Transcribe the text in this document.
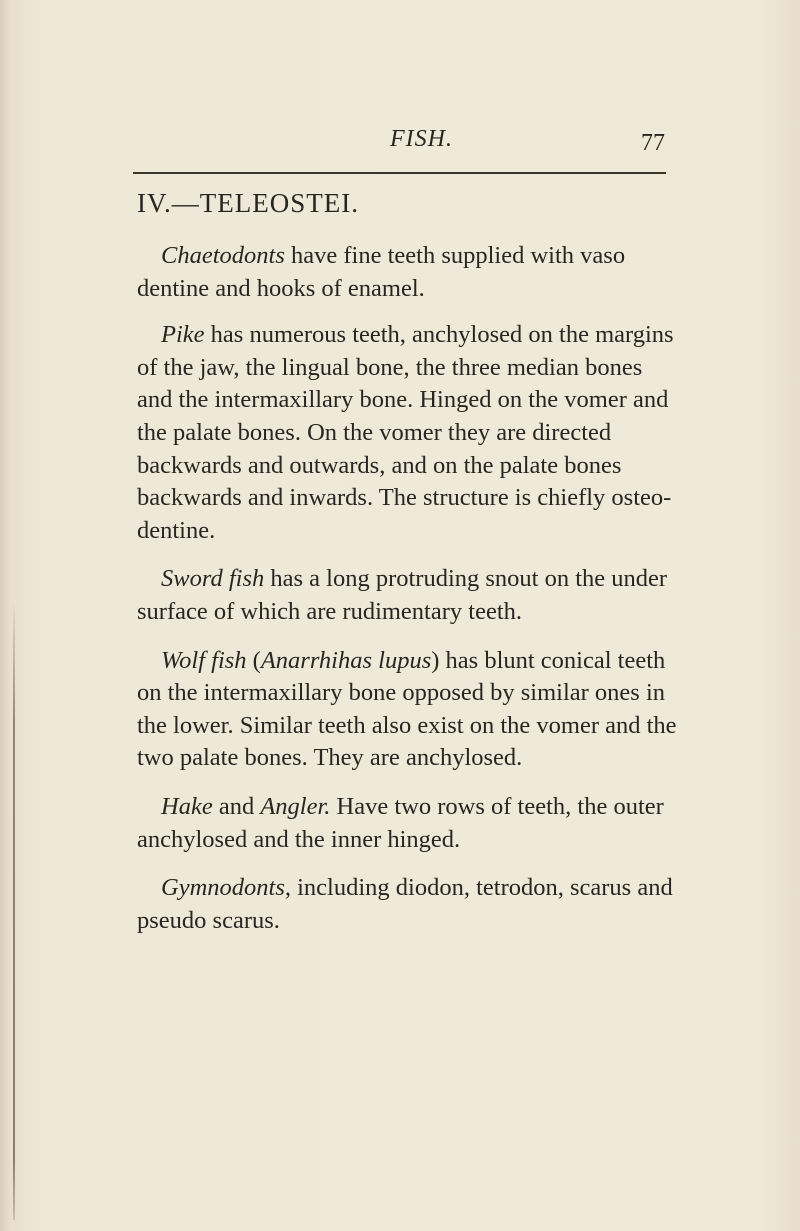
FISH.	77
IV.—TELEOSTEI.

Chaetodonts have fine teeth supplied with vaso dentine and hooks of enamel.

Pike has numerous teeth, anchylosed on the margins of the jaw, the lingual bone, the three median bones and the intermaxillary bone. Hinged on the vomer and the palate bones. On the vomer they are directed backwards and outwards, and on the palate bones backwards and inwards. The structure is chiefly osteo-dentine.

Sword fish has a long protruding snout on the under surface of which are rudimentary teeth.

Wolf fish (Anarrhihas lupus) has blunt conical teeth on the intermaxillary bone opposed by similar ones in the lower. Similar teeth also exist on the vomer and the two palate bones. They are anchylosed.

Hake and Angler. Have two rows of teeth, the outer anchylosed and the inner hinged.

Gymnodonts, including diodon, tetrodon, scarus and pseudo scarus.
